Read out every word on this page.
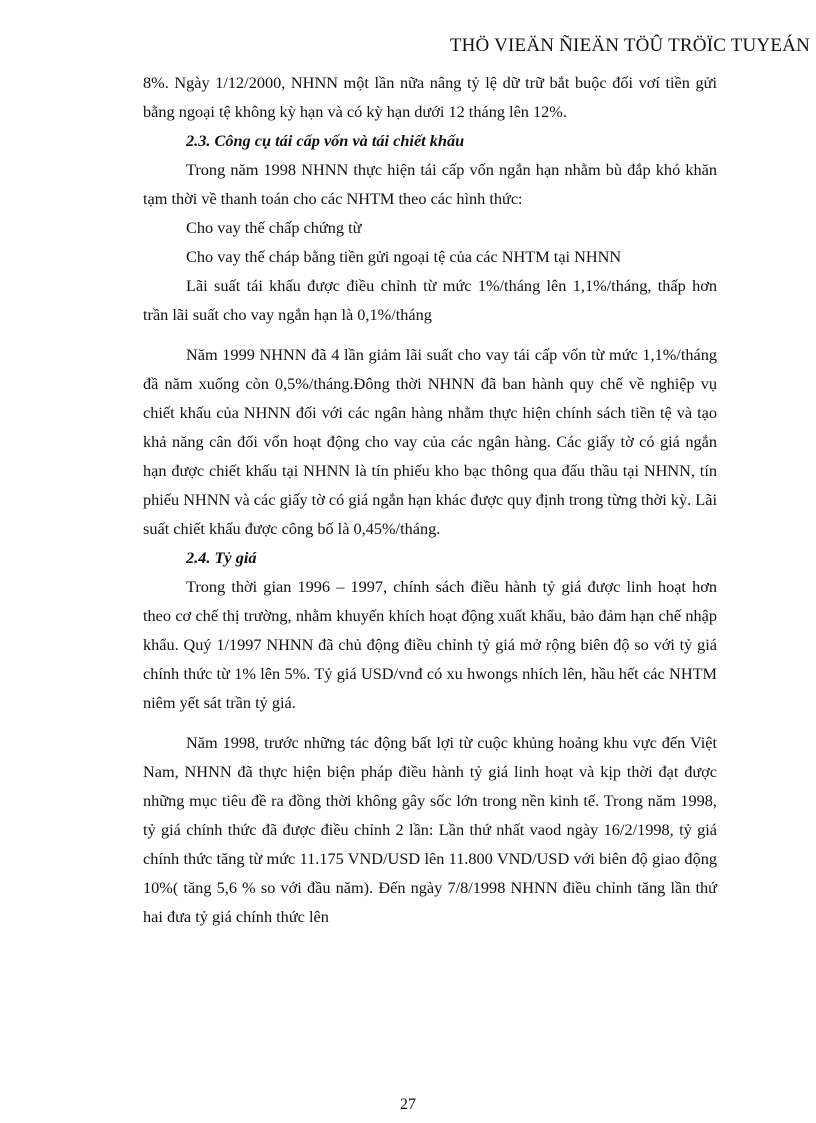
THÖ VIEÄN ÑIEÄN TÖÛ TRÖÏC TUYEÁN

8%. Ngày 1/12/2000, NHNN một lần nữa nâng tỷ lệ dữ trữ bắt buộc đối vơí tiền gửi bằng ngoại tệ không kỳ hạn và có kỳ hạn dưới 12 tháng lên 12%.

2.3. Công cụ tái cấp vốn và tái chiết khấu

Trong năm 1998 NHNN thực hiện tái cấp vốn ngắn hạn nhằm bù đắp khó khăn tạm thời về thanh toán cho các NHTM theo các hình thức:

Cho vay thế chấp chứng từ

Cho vay thế cháp bằng tiền gửi ngoại tệ của các NHTM tại NHNN

Lãi suất tái khấu được điều chỉnh từ mức 1%/tháng lên 1,1%/tháng, thấp hơn trần lãi suất cho vay ngắn hạn là 0,1%/tháng

Năm 1999 NHNN đã 4 lần giảm lãi suất cho vay tái cấp vốn từ mức 1,1%/tháng đầ năm xuống còn 0,5%/tháng.Đông thời NHNN đã ban hành quy chế về nghiệp vụ chiết khấu của NHNN đối với các ngân hàng nhằm thực hiện chính sách tiền tệ và tạo khả năng cân đối vốn hoạt động cho vay của các ngân hàng. Các giấy tờ có giá ngắn hạn được chiết khấu tại NHNN là tín phiếu kho bạc thông qua đấu thầu tại NHNN, tín phiếu NHNN và các giấy tờ có giá ngắn hạn khác được quy định trong từng thời kỳ. Lãi suất chiết khấu được công bố là 0,45%/tháng.

2.4. Tỷ giá

Trong thời gian 1996 – 1997, chính sách điều hành tỷ giá được linh hoạt hơn theo cơ chế thị trường, nhằm khuyến khích hoạt động xuất khẩu, bảo đảm hạn chế nhập khẩu. Quý 1/1997 NHNN đã chủ động điều chỉnh tỷ giá mở rộng biên độ so với tỷ giá chính thức từ 1% lên 5%. Tỷ giá USD/vnđ có xu hwongs nhích lên, hầu hết các NHTM niêm yết sát trần tỷ giá.

Năm 1998, trước những tác động bất lợi từ cuộc khủng hoảng khu vực đến Việt Nam, NHNN đã thực hiện biện pháp điều hành tỷ giá linh hoạt và kịp thời đạt được những mục tiêu đề ra đồng thời không gây sốc lớn trong nền kinh tế. Trong năm 1998, tỷ giá chính thức đã được điều chỉnh 2 lần: Lần thứ nhất vaod ngày 16/2/1998, tỷ giá chính thức tăng từ mức 11.175 VND/USD lên 11.800 VND/USD với biên độ giao động 10%( tăng 5,6 % so với đầu năm). Đến ngày 7/8/1998 NHNN điều chỉnh tăng lần thứ hai đưa tỷ giá chính thức lên

27
